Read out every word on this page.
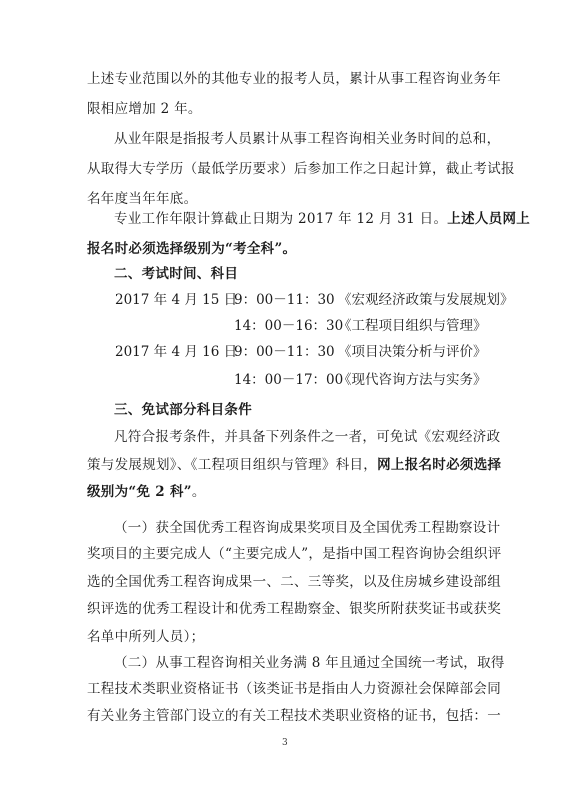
上述专业范围以外的其他专业的报考人员，累计从事工程咨询业务年
限相应增加 2 年。
从业年限是指报考人员累计从事工程咨询相关业务时间的总和，
从取得大专学历（最低学历要求）后参加工作之日起计算，截止考试报
名年度当年年底。
专业工作年限计算截止日期为 2017 年 12 月 31 日。上述人员网上
报名时必须选择级别为“考全科”。
二、考试时间、科目
2017 年 4 月 15 日
9：00－11：30 《宏观经济政策与发展规划》
14：00－16：30
《工程项目组织与管理》
2017 年 4 月 16 日
9：00－11：30 《项目决策分析与评价》
14：00－17：00
《现代咨询方法与实务》
三、免试部分科目条件
凡符合报考条件，并具备下列条件之一者，可免试《宏观经济政
策与发展规划》、《工程项目组织与管理》科目，网上报名时必须选择
级别为“免 2 科”。
（一）获全国优秀工程咨询成果奖项目及全国优秀工程勘察设计
奖项目的主要完成人（“主要完成人”，是指中国工程咨询协会组织评
选的全国优秀工程咨询成果一、二、三等奖，以及住房城乡建设部组
织评选的优秀工程设计和优秀工程勘察金、银奖所附获奖证书或获奖
名单中所列人员）；
（二）从事工程咨询相关业务满 8 年且通过全国统一考试，取得
工程技术类职业资格证书（该类证书是指由人力资源社会保障部会同
有关业务主管部门设立的有关工程技术类职业资格的证书，包括：一
3
